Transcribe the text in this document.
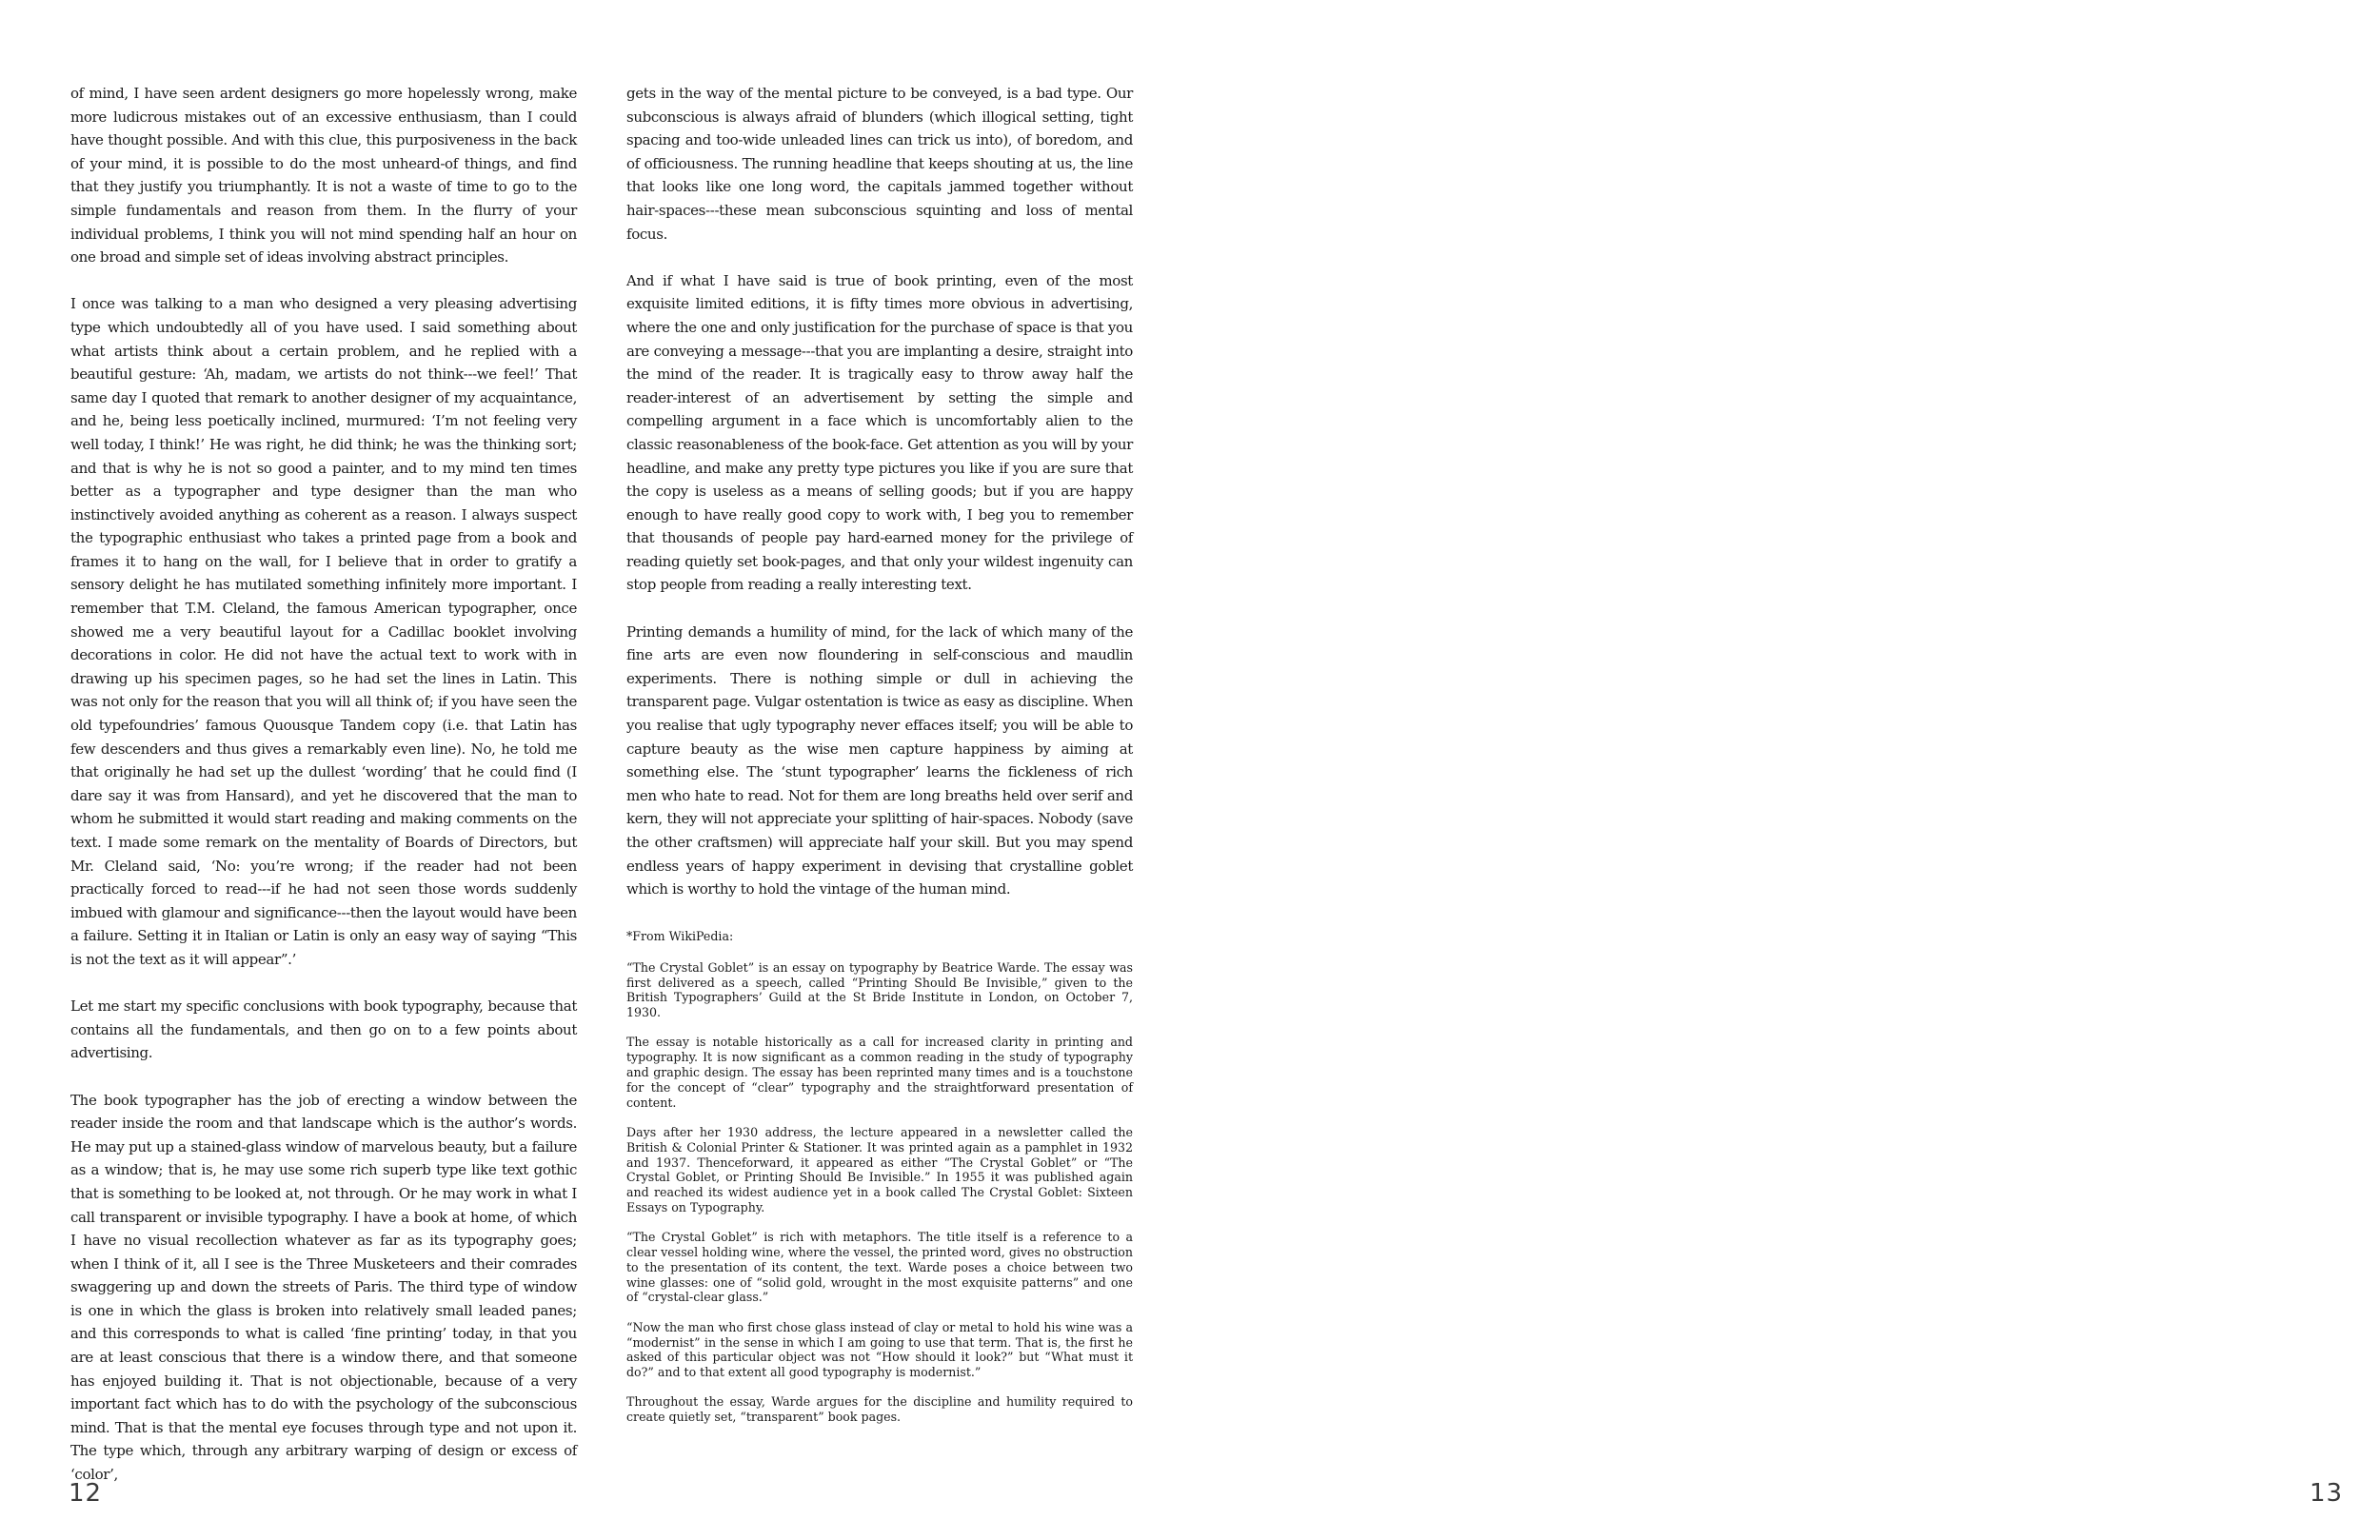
of mind, I have seen ardent designers go more hopelessly wrong, make more ludicrous mistakes out of an excessive enthusiasm, than I could have thought possible. And with this clue, this purposiveness in the back of your mind, it is possible to do the most unheard-of things, and find that they justify you triumphantly. It is not a waste of time to go to the simple fundamentals and reason from them. In the flurry of your individual problems, I think you will not mind spending half an hour on one broad and simple set of ideas involving abstract principles.

I once was talking to a man who designed a very pleasing advertising type which undoubtedly all of you have used. I said something about what artists think about a certain problem, and he replied with a beautiful gesture: ‘Ah, madam, we artists do not think---we feel!’ That same day I quoted that remark to another designer of my acquaintance, and he, being less poetically inclined, murmured: ‘I’m not feeling very well today, I think!’ He was right, he did think; he was the thinking sort; and that is why he is not so good a painter, and to my mind ten times better as a typographer and type designer than the man who instinctively avoided anything as coherent as a reason. I always suspect the typographic enthusiast who takes a printed page from a book and frames it to hang on the wall, for I believe that in order to gratify a sensory delight he has mutilated something infinitely more important. I remember that T.M. Cleland, the famous American typographer, once showed me a very beautiful layout for a Cadillac booklet involving decorations in color. He did not have the actual text to work with in drawing up his specimen pages, so he had set the lines in Latin. This was not only for the reason that you will all think of; if you have seen the old typefoundries’ famous Quousque Tandem copy (i.e. that Latin has few descenders and thus gives a remarkably even line). No, he told me that originally he had set up the dullest ‘wording’ that he could find (I dare say it was from Hansard), and yet he discovered that the man to whom he submitted it would start reading and making comments on the text. I made some remark on the mentality of Boards of Directors, but Mr. Cleland said, ‘No: you’re wrong; if the reader had not been practically forced to read---if he had not seen those words suddenly imbued with glamour and significance---then the layout would have been a failure. Setting it in Italian or Latin is only an easy way of saying “This is not the text as it will appear”.’

Let me start my specific conclusions with book typography, because that contains all the fundamentals, and then go on to a few points about advertising.

The book typographer has the job of erecting a window between the reader inside the room and that landscape which is the author’s words. He may put up a stained-glass window of marvelous beauty, but a failure as a window; that is, he may use some rich superb type like text gothic that is something to be looked at, not through. Or he may work in what I call transparent or invisible typography. I have a book at home, of which I have no visual recollection whatever as far as its typography goes; when I think of it, all I see is the Three Musketeers and their comrades swaggering up and down the streets of Paris. The third type of window is one in which the glass is broken into relatively small leaded panes; and this corresponds to what is called ‘fine printing’ today, in that you are at least conscious that there is a window there, and that someone has enjoyed building it. That is not objectionable, because of a very important fact which has to do with the psychology of the subconscious mind. That is that the mental eye focuses through type and not upon it. The type which, through any arbitrary warping of design or excess of ‘color’,

gets in the way of the mental picture to be conveyed, is a bad type. Our subconscious is always afraid of blunders (which illogical setting, tight spacing and too-wide unleaded lines can trick us into), of boredom, and of officiousness. The running headline that keeps shouting at us, the line that looks like one long word, the capitals jammed together without hair-spaces---these mean subconscious squinting and loss of mental focus.

And if what I have said is true of book printing, even of the most exquisite limited editions, it is fifty times more obvious in advertising, where the one and only justification for the purchase of space is that you are conveying a message---that you are implanting a desire, straight into the mind of the reader. It is tragically easy to throw away half the reader-interest of an advertisement by setting the simple and compelling argument in a face which is uncomfortably alien to the classic reasonableness of the book-face. Get attention as you will by your headline, and make any pretty type pictures you like if you are sure that the copy is useless as a means of selling goods; but if you are happy enough to have really good copy to work with, I beg you to remember that thousands of people pay hard-earned money for the privilege of reading quietly set book-pages, and that only your wildest ingenuity can stop people from reading a really interesting text.

Printing demands a humility of mind, for the lack of which many of the fine arts are even now floundering in self-conscious and maudlin experiments. There is nothing simple or dull in achieving the transparent page. Vulgar ostentation is twice as easy as discipline. When you realise that ugly typography never effaces itself; you will be able to capture beauty as the wise men capture happiness by aiming at something else. The ‘stunt typographer’ learns the fickleness of rich men who hate to read. Not for them are long breaths held over serif and kern, they will not appreciate your splitting of hair-spaces. Nobody (save the other craftsmen) will appreciate half your skill. But you may spend endless years of happy experiment in devising that crystalline goblet which is worthy to hold the vintage of the human mind.

*From WikiPedia:

“The Crystal Goblet” is an essay on typography by Beatrice Warde. The essay was first delivered as a speech, called “Printing Should Be Invisible,” given to the British Typographers’ Guild at the St Bride Institute in London, on October 7, 1930.

The essay is notable historically as a call for increased clarity in printing and typography. It is now significant as a common reading in the study of typography and graphic design. The essay has been reprinted many times and is a touchstone for the concept of “clear” typography and the straightforward presentation of content.

Days after her 1930 address, the lecture appeared in a newsletter called the British & Colonial Printer & Stationer. It was printed again as a pamphlet in 1932 and 1937. Thenceforward, it appeared as either “The Crystal Goblet” or “The Crystal Goblet, or Printing Should Be Invisible.” In 1955 it was published again and reached its widest audience yet in a book called The Crystal Goblet: Sixteen Essays on Typography.

“The Crystal Goblet” is rich with metaphors. The title itself is a reference to a clear vessel holding wine, where the vessel, the printed word, gives no obstruction to the presentation of its content, the text. Warde poses a choice between two wine glasses: one of “solid gold, wrought in the most exquisite patterns” and one of “crystal-clear glass.”

“Now the man who first chose glass instead of clay or metal to hold his wine was a “modernist” in the sense in which I am going to use that term. That is, the first he asked of this particular object was not “How should it look?” but “What must it do?” and to that extent all good typography is modernist.”

Throughout the essay, Warde argues for the discipline and humility required to create quietly set, “transparent” book pages.

12	13
